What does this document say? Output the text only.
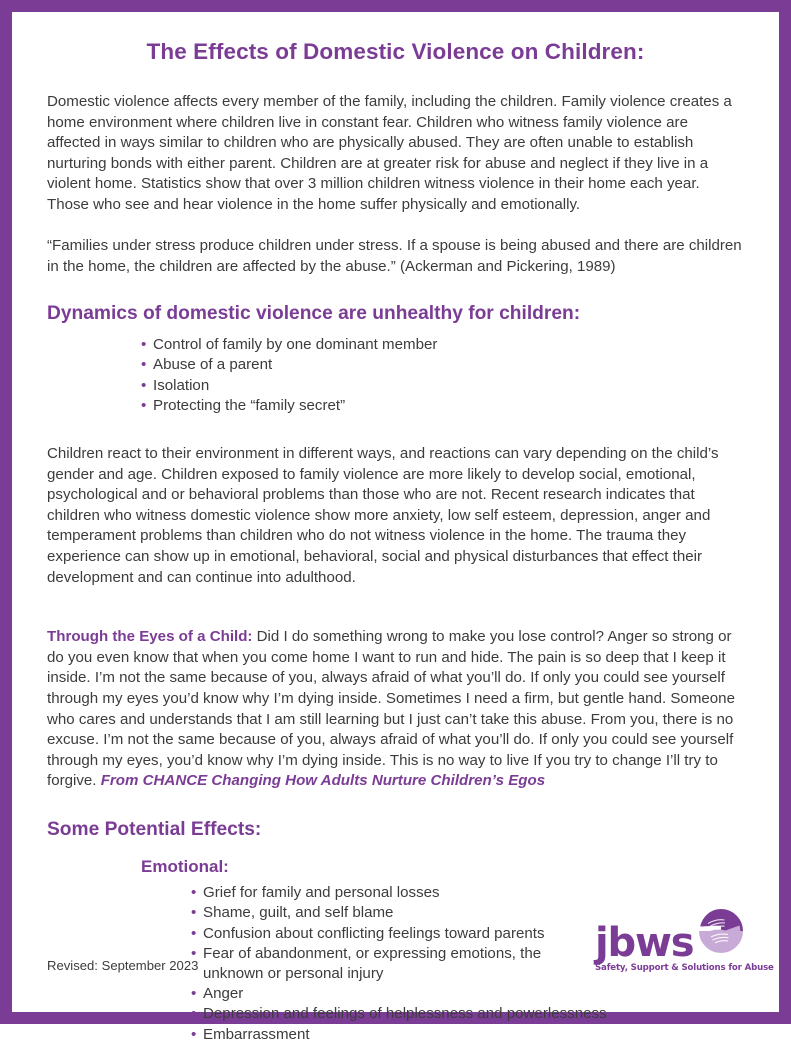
The Effects of Domestic Violence on Children:

Domestic violence affects every member of the family, including the children. Family violence creates a home environment where children live in constant fear. Children who witness family violence are affected in ways similar to children who are physically abused. They are often unable to establish nurturing bonds with either parent. Children are at greater risk for abuse and neglect if they live in a violent home. Statistics show that over 3 million children witness violence in their home each year. Those who see and hear violence in the home suffer physically and emotionally.

“Families under stress produce children under stress. If a spouse is being abused and there are children in the home, the children are affected by the abuse.” (Ackerman and Pickering, 1989)

Dynamics of domestic violence are unhealthy for children:
• Control of family by one dominant member
• Abuse of a parent
• Isolation
• Protecting the “family secret”

Children react to their environment in different ways, and reactions can vary depending on the child’s gender and age. Children exposed to family violence are more likely to develop social, emotional, psychological and or behavioral problems than those who are not. Recent research indicates that children who witness domestic violence show more anxiety, low self esteem, depression, anger and temperament problems than children who do not witness violence in the home. The trauma they experience can show up in emotional, behavioral, social and physical disturbances that effect their development and can continue into adulthood.

Through the Eyes of a Child: Did I do something wrong to make you lose control? Anger so strong or do you even know that when you come home I want to run and hide. The pain is so deep that I keep it inside. I’m not the same because of you, always afraid of what you’ll do. If only you could see yourself through my eyes you’d know why I’m dying inside. Sometimes I need a firm, but gentle hand. Someone who cares and understands that I am still learning but I just can’t take this abuse. From you, there is no excuse. I’m not the same because of you, always afraid of what you’ll do. If only you could see yourself through my eyes, you’d know why I’m dying inside. This is no way to live If you try to change I’ll try to forgive. From CHANCE Changing How Adults Nurture Children’s Egos

Some Potential Effects:
Emotional:
• Grief for family and personal losses
• Shame, guilt, and self blame
• Confusion about conflicting feelings toward parents
• Fear of abandonment, or expressing emotions, the unknown or personal injury
• Anger
• Depression and feelings of helplessness and powerlessness
• Embarrassment
Revised: September 2023	jbws
Safety, Support & Solutions for Abuse
